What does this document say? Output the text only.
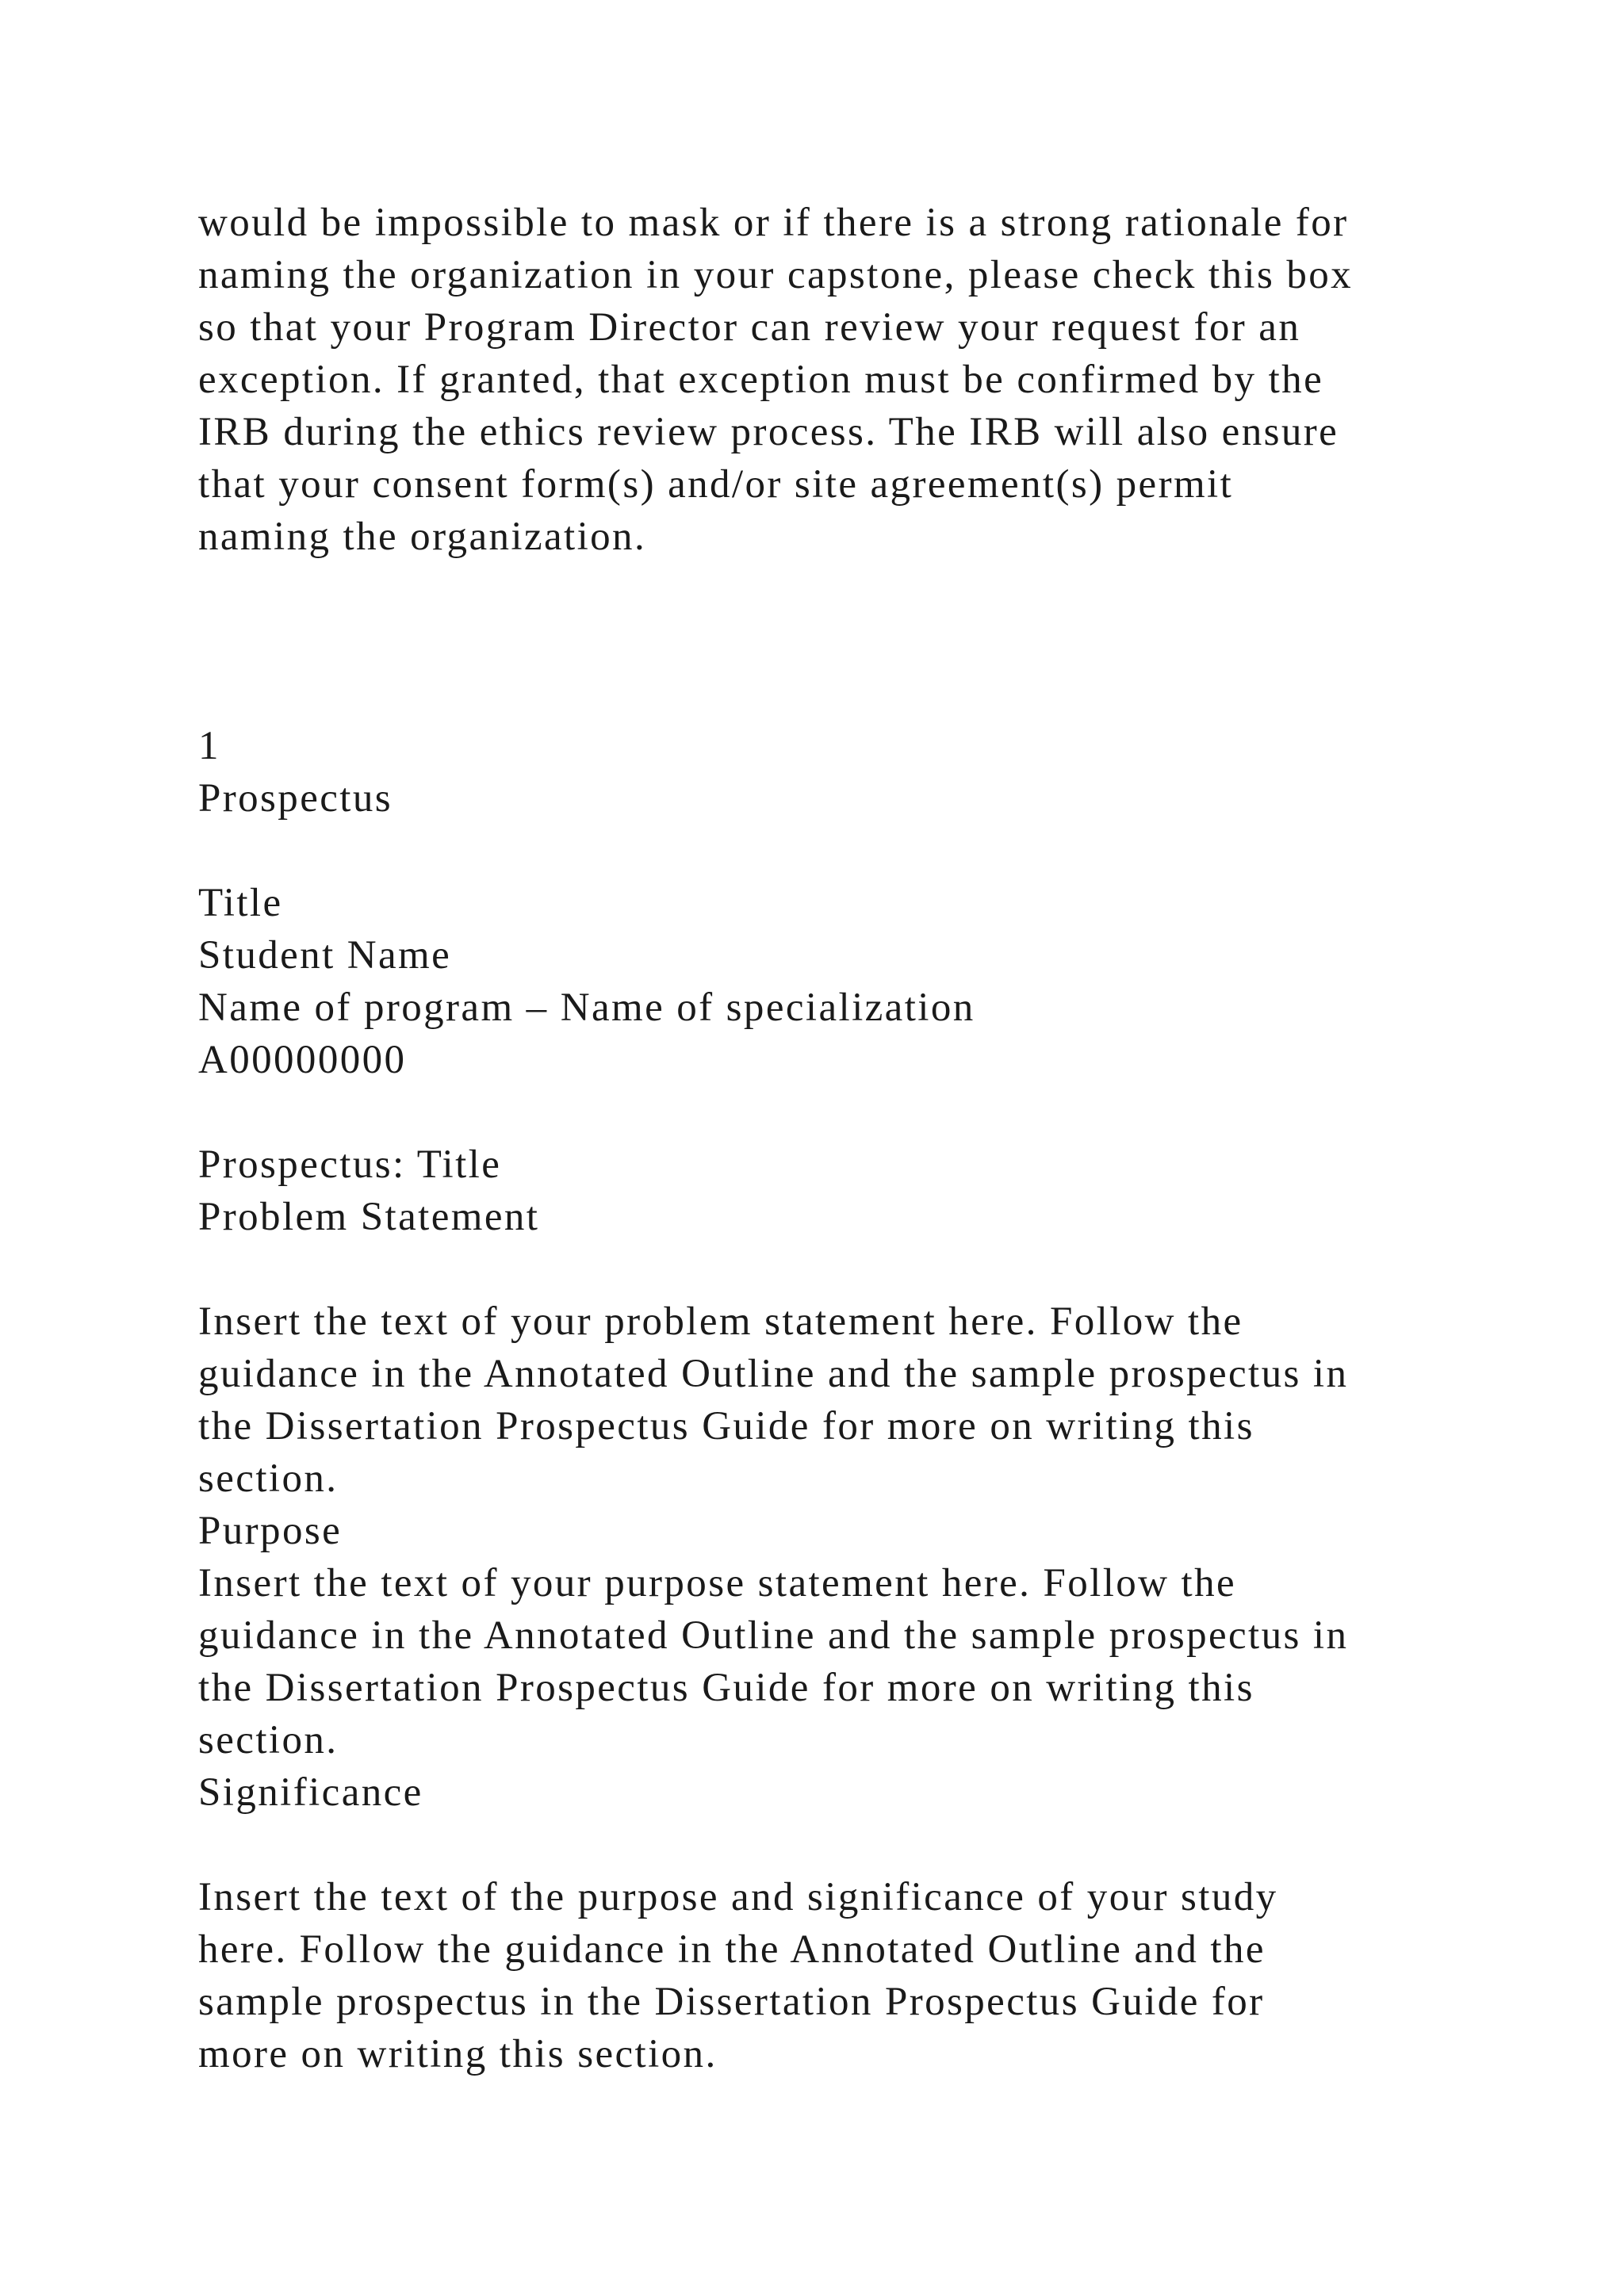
would be impossible to mask or if there is a strong rationale for

naming the organization in your capstone, please check this box

so that your Program Director can review your request for an

exception. If granted, that exception must be confirmed by the

IRB during the ethics review process. The IRB will also ensure

that your consent form(s) and/or site agreement(s) permit

naming the organization.

1

Prospectus

Title

Student Name

Name of program – Name of specialization

A00000000

Prospectus: Title

Problem Statement

Insert the text of your problem statement here. Follow the

guidance in the Annotated Outline and the sample prospectus in

the Dissertation Prospectus Guide for more on writing this

section.

Purpose

Insert the text of your purpose statement here. Follow the

guidance in the Annotated Outline and the sample prospectus in

the Dissertation Prospectus Guide for more on writing this

section.

Significance

Insert the text of the purpose and significance of your study

here. Follow the guidance in the Annotated Outline and the

sample prospectus in the Dissertation Prospectus Guide for

more on writing this section.
